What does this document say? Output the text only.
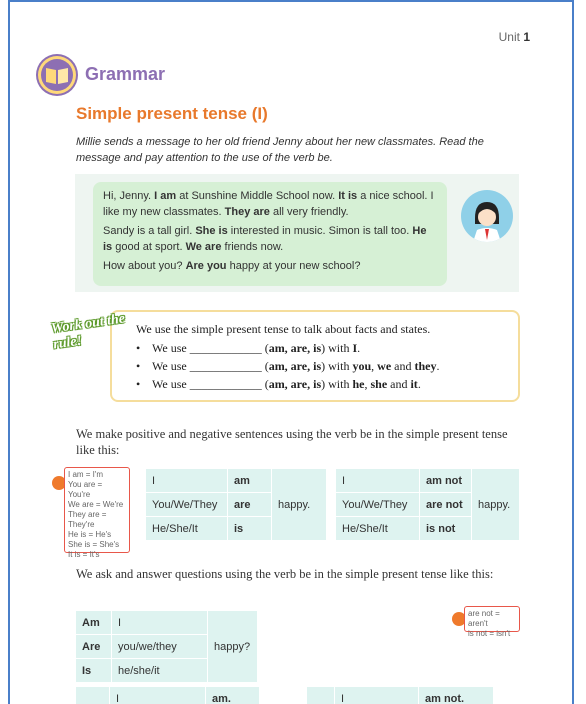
Unit 1
Grammar
Simple present tense (I)
Millie sends a message to her old friend Jenny about her new classmates. Read the message and pay attention to the use of the verb be.

Hi, Jenny. I am at Sunshine Middle School now. It is a nice school. I like my new classmates. They are all very friendly.

Sandy is a tall girl. She is interested in music. Simon is tall too. He is good at sport. We are friends now.

How about you? Are you happy at your new school?

We use the simple present tense to talk about facts and states.
• We use ____________ (am, are, is) with I.
• We use ____________ (am, are, is) with you, we and they.
• We use ____________ (am, are, is) with he, she and it.
Work out the rule!
We make positive and negative sentences using the verb be in the simple present tense like this:
I am = I'm
You are = You're
We are = We're
They are = They're
He is = He's
She is = She's
It is = It's
I	am	happy.
You/We/They	are	
He/She/It	is	
I	am not	happy.
You/We/They	are not	
He/She/It	is not	
We ask and answer questions using the verb be in the simple present tense like this:
are not = aren't
is not = isn't
Am	I	happy?
Are	you/we/they	
Is	he/she/it	
	I	am.
		I	am not.
